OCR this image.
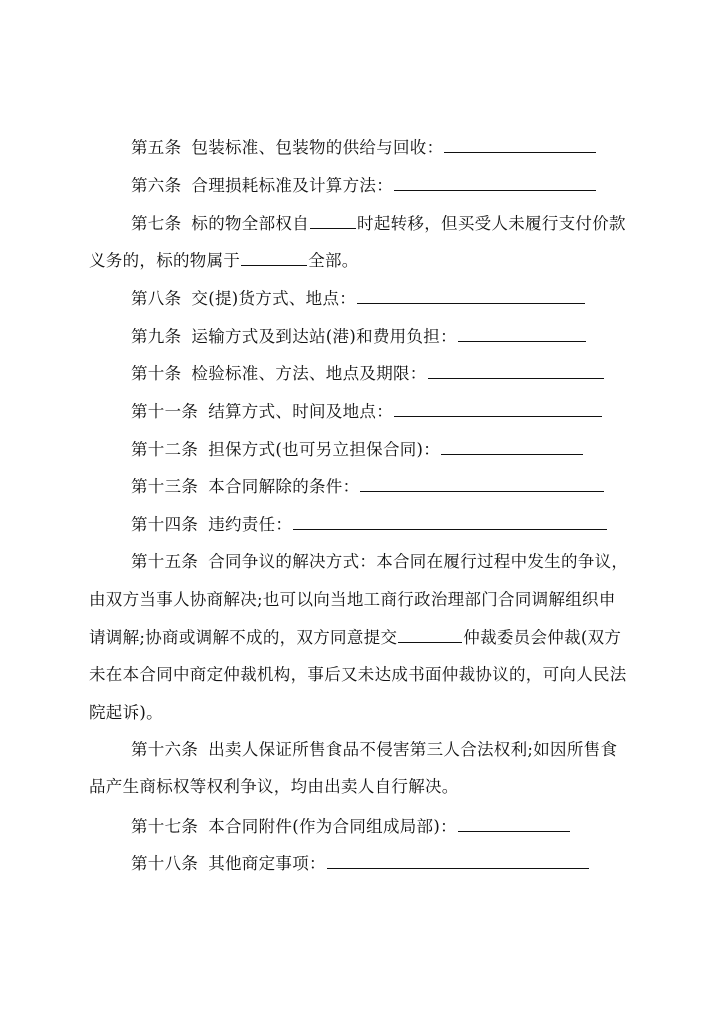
第五条 包装标准、包装物的供给与回收：
第六条 合理损耗标准及计算方法：
第七条 标的物全部权自	时起转移，但买受人未履行支付价款
义务的，标的物属于	全部。
第八条 交(提)货方式、地点：
第九条 运输方式及到达站(港)和费用负担：
第十条 检验标准、方法、地点及期限：
第十一条 结算方式、时间及地点：
第十二条 担保方式(也可另立担保合同)：
第十三条 本合同解除的条件：
第十四条 违约责任：
第十五条 合同争议的解决方式：本合同在履行过程中发生的争议，
由双方当事人协商解决;也可以向当地工商行政治理部门合同调解组织申
请调解;协商或调解不成的，双方同意提交	仲裁委员会仲裁(双方
未在本合同中商定仲裁机构，事后又未达成书面仲裁协议的，可向人民法
院起诉)。
第十六条 出卖人保证所售食品不侵害第三人合法权利;如因所售食
品产生商标权等权利争议，均由出卖人自行解决。
第十七条 本合同附件(作为合同组成局部)：
第十八条 其他商定事项：
